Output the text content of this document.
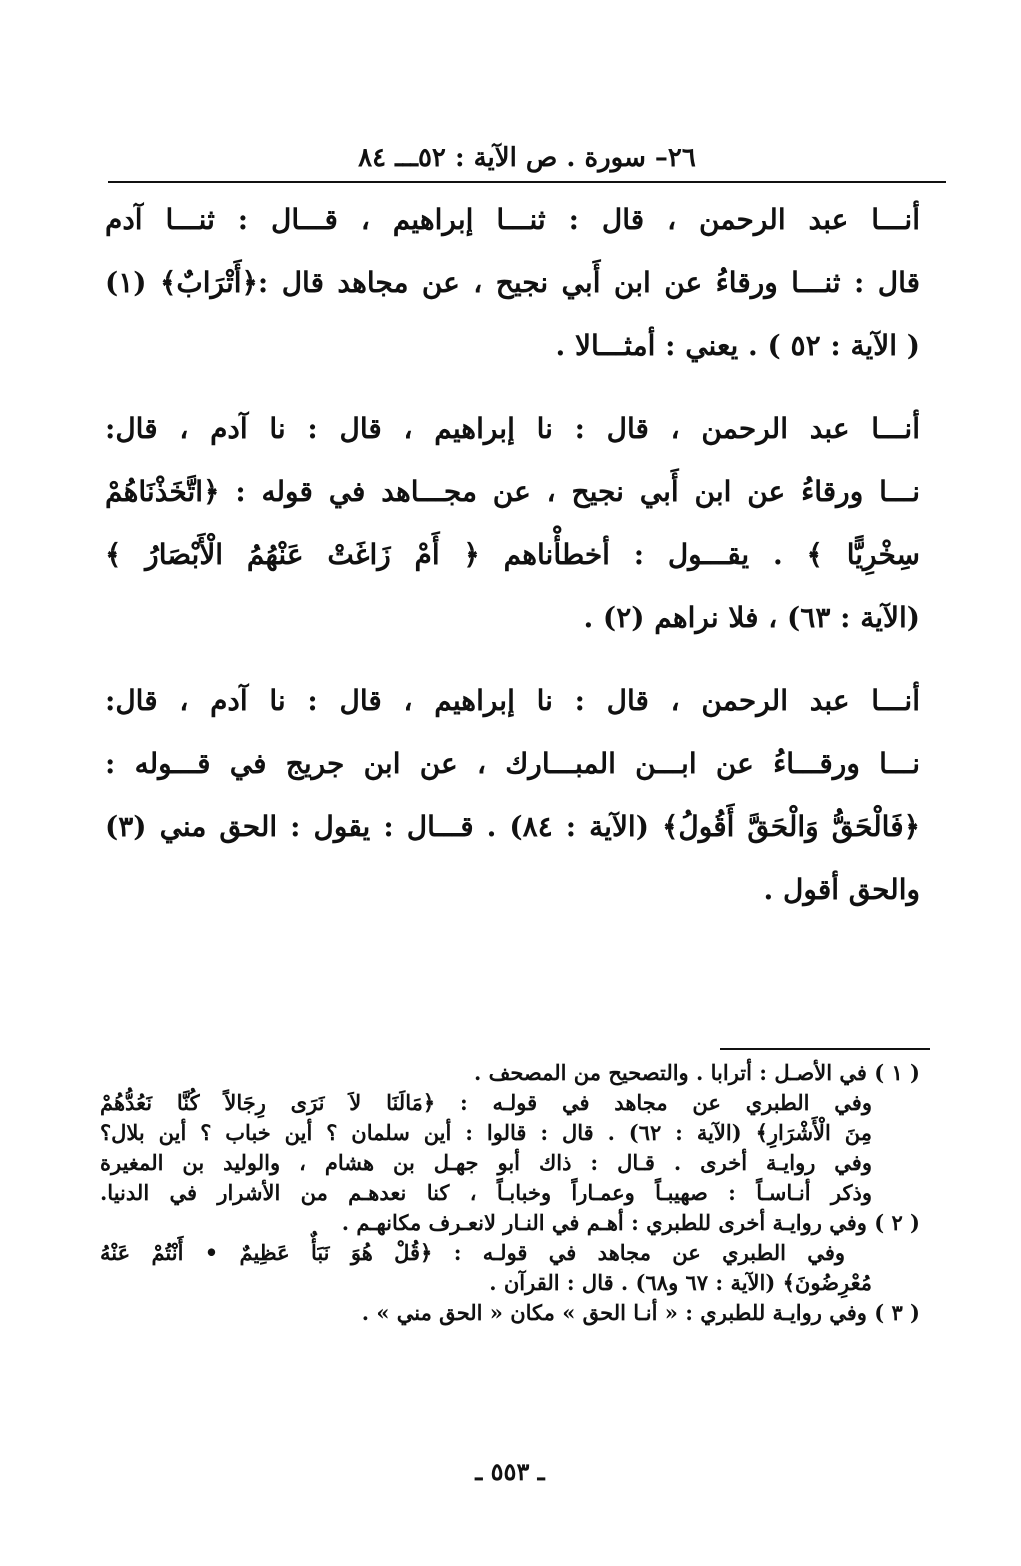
٢٦– سورة . ص الآية : ٥٢ـــ ٨٤
أنـــا عبد الرحمن ، قال : ثنـــا إبراهيم ، قـــال : ثنـــا آدم
قال : ثنـــا ورقاءُ عن ابن أَبي نجيح ، عن مجاهد قال :﴿أَتْرَابٌ﴾ (١)
( الآية : ٥٢ ) . يعني : أمثـــالا .
أنـــا عبد الرحمن ، قال : نا إبراهيم ، قال : نا آدم ، قال:
نـــا ورقاءُ عن ابن أَبي نجيح ، عن مجـــاهد في قوله : ﴿اتَّخَذْنَاهُمْ
سِخْرِيًّا ﴾ . يقـــول : أخطأْناهم ﴿ أَمْ زَاغَتْ عَنْهُمُ الْأَبْصَارُ ﴾
(الآية : ٦٣) ، فلا نراهم (٢) .
أنـــا عبد الرحمن ، قال : نا إبراهيم ، قال : نا آدم ، قال:
نـــا ورقـــاءُ عن ابـــن المبـــارك ، عن ابن جريج في قـــوله :
﴿فَالْحَقُّ وَالْحَقَّ أَقُولُ﴾ (الآية : ٨٤) . قـــال : يقول : الحق مني (٣)
والحق أقول .
( ١ ) في الأصـل : أترابا . والتصحيح من المصحف .
وفي الطبري عن مجاهد في قولـه : ﴿مَالَنَا لاَ نَرَى رِجَالاً كُنَّا نَعُدُّهُمْ
مِنَ الْأَشْرَارِ﴾ (الآية : ٦٢) . قال : قالوا : أين سلمان ؟ أين خباب ؟ أين بلال؟
وفي روايـة أخرى . قـال : ذاك أبو جهـل بن هشام ، والوليد بن المغيرة
وذكر أنـاسـاً : صهيبـاً وعمـاراً وخبابـاً ، كنا نعدهـم من الأشرار في الدنيا.
( ٢ ) وفي روايـة أخرى للطبري : أهـم في النـار لانعـرف مكانهـم .
وفي الطبري عن مجاهد في قولـه : ﴿قُلْ هُوَ نَبَأٌ عَظِيمٌ • أَنْتُمْ عَنْهُ
مُعْرِضُونَ﴾ (الآية : ٦٧ و٦٨) . قال : القرآن .
( ٣ ) وفي روايـة للطبري : « أنـا الحق » مكان « الحق مني » .
ـ ٥٥٣ ـ
